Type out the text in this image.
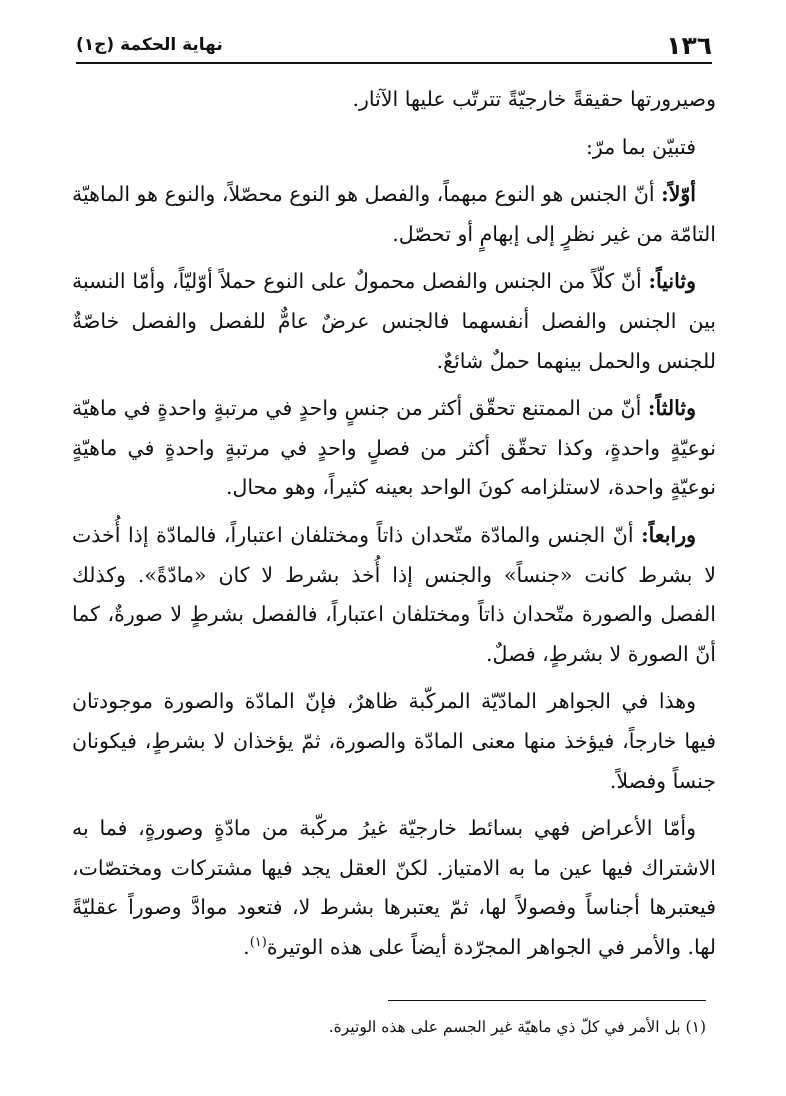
١٣٦
نهاية الحكمة (ج١)

وصيرورتها حقيقةً خارجيّةً تترتّب عليها الآثار.

فتبيّن بما مرّ:

أوّلاً: أنّ الجنس هو النوع مبهماً، والفصل هو النوع محصّلاً، والنوع هو الماهيّة التامّة من غير نظرٍ إلى إبهامٍ أو تحصّل.

وثانياً: أنّ كلّاً من الجنس والفصل محمولٌ على النوع حملاً أوّليّاً، وأمّا النسبة بين الجنس والفصل أنفسهما فالجنس عرضٌ عامٌّ للفصل والفصل خاصّةٌ للجنس والحمل بينهما حملٌ شائعٌ.

وثالثاً: أنّ من الممتنع تحقّق أكثر من جنسٍ واحدٍ في مرتبةٍ واحدةٍ في ماهيّة نوعيّةٍ واحدةٍ، وكذا تحقّق أكثر من فصلٍ واحدٍ في مرتبةٍ واحدةٍ في ماهيّةٍ نوعيّةٍ واحدة، لاستلزامه كونَ الواحد بعينه كثيراً، وهو محال.

ورابعاً: أنّ الجنس والمادّة متّحدان ذاتاً ومختلفان اعتباراً، فالمادّة إذا أُخذت لا بشرط كانت «جنساً» والجنس إذا أُخذ بشرط لا كان «مادّةً». وكذلك الفصل والصورة متّحدان ذاتاً ومختلفان اعتباراً، فالفصل بشرطٍ لا صورةٌ، كما أنّ الصورة لا بشرطٍ، فصلٌ.

وهذا في الجواهر المادّيّة المركّبة ظاهرٌ، فإنّ المادّة والصورة موجودتان فيها خارجاً، فيؤخذ منها معنى المادّة والصورة، ثمّ يؤخذان لا بشرطٍ، فيكونان جنساً وفصلاً.

وأمّا الأعراض فهي بسائط خارجيّة غيرُ مركّبة من مادّةٍ وصورةٍ، فما به الاشتراك فيها عين ما به الامتياز. لكنّ العقل يجد فيها مشتركات ومختصّات، فيعتبرها أجناساً وفصولاً لها، ثمّ يعتبرها بشرط لا، فتعود موادَّ وصوراً عقليّةً لها. والأمر في الجواهر المجرّدة أيضاً على هذه الوتيرة$^{(١)}$.

(١) بل الأمر في كلّ ذي ماهيّة غير الجسم على هذه الوتيرة.
